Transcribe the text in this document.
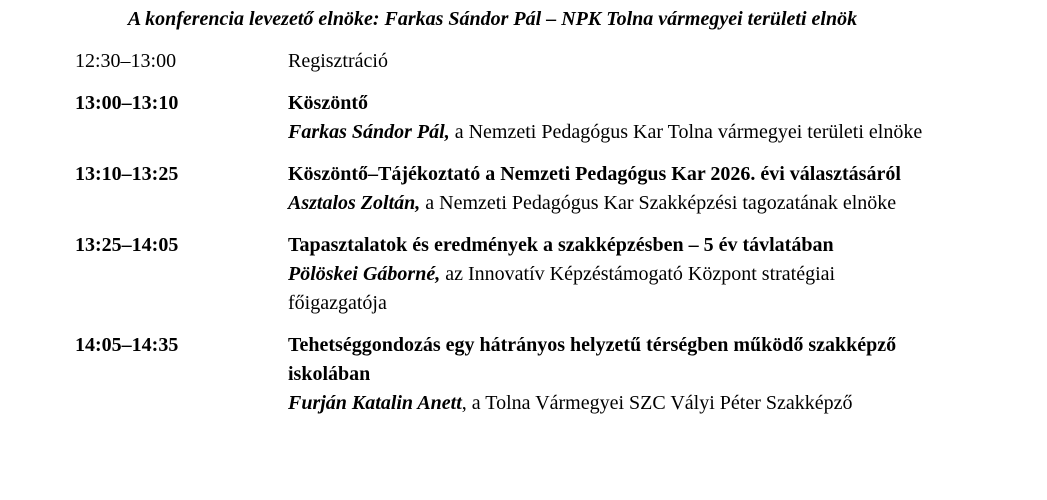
A konferencia levezető elnöke: Farkas Sándor Pál – NPK Tolna vármegyei területi elnök
12:30–13:00	Regisztráció
13:00–13:10	Köszöntő
Farkas Sándor Pál, a Nemzeti Pedagógus Kar Tolna vármegyei területi elnöke
13:10–13:25	Köszöntő–Tájékoztató a Nemzeti Pedagógus Kar 2026. évi választásáról
Asztalos Zoltán, a Nemzeti Pedagógus Kar Szakképzési tagozatának elnöke
13:25–14:05	Tapasztalatok és eredmények a szakképzésben – 5 év távlatában
Pölöskei Gáborné, az Innovatív Képzéstámogató Központ stratégiai főigazgatója
14:05–14:35	Tehetséggondozás egy hátrányos helyzetű térségben működő szakképző iskolában
Furján Katalin Anett, a Tolna Vármegyei SZC Vályi Péter Szakképző
